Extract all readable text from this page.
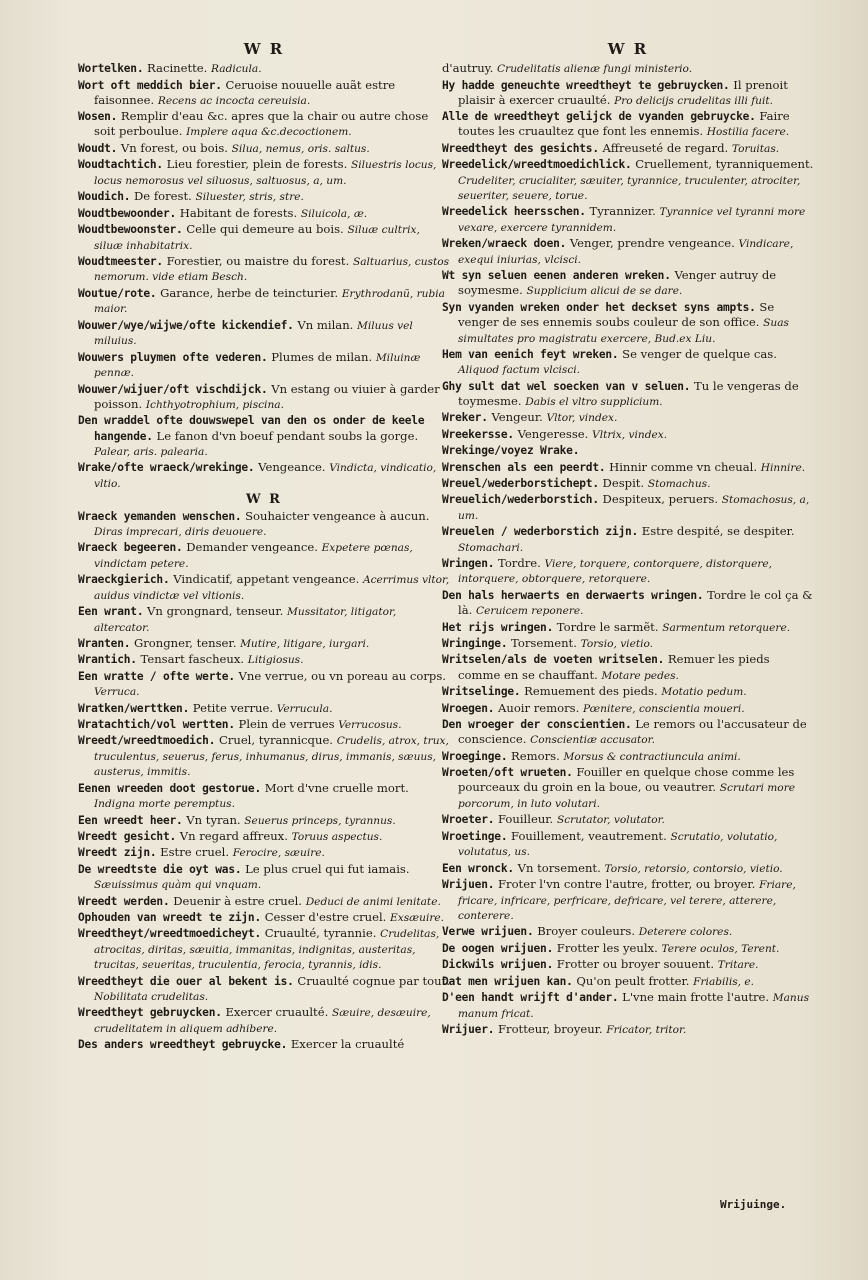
W R
Wortelken. Racinette. Radicula.
Wort oft meddich bier. Ceruoise nouuelle auãt estre faisonnee. Recens ac incocta cereuisia.
Wosen. Remplir d'eau &c. apres que la chair ou autre chose soit perboulue. Implere aqua &c.decoctionem.
Woudt. Vn forest, ou bois. Silua, nemus, oris. saltus.
Woudtachtich. Lieu forestier, plein de forests. Siluestris locus, locus nemorosus vel siluosus, saltuosus, a, um.
Woudich. De forest. Siluester, stris, stre.
Woudtbewoonder. Habitant de forests. Siluicola, æ.
Woudtbewoonster. Celle qui demeure au bois. Siluæ cultrix, siluæ inhabitatrix.
Woudtmeester. Forestier, ou maistre du forest. Saltuarius, custos nemorum. vide etiam Besch.
Woutue/rote. Garance, herbe de teincturier. Erythrodanũ, rubia maior.
Wouwer/wye/wijwe/ofte kickendief. Vn milan. Miluus vel miluius.
Wouwers pluymen ofte vederen. Plumes de milan. Miluinæ pennæ.
Wouwer/wijuer/oft vischdijck. Vn estang ou viuier à garder poisson. Ichthyotrophium, piscina.
Den wraddel ofte douwswepel van den os onder de keele hangende. Le fanon d'vn boeuf pendant soubs la gorge. Palear, aris. palearia.
Wrake/ofte wraeck/wrekinge. Vengeance. Vindicta, vindicatio, vltio.
W R
Wraeck yemanden wenschen. Souhaicter vengeance à aucun. Diras imprecari, diris deuouere.
Wraeck begeeren. Demander vengeance. Expetere pœnas, vindictam petere.
Wraeckgierich. Vindicatif, appetant vengeance. Acerrimus vltor, auidus vindictæ vel vltionis.
Een wrant. Vn grongnard, tenseur. Mussitator, litigator, altercator.
Wranten. Grongner, tenser. Mutire, litigare, iurgari.
Wrantich. Tensart fascheux. Litigiosus.
Een wratte / ofte werte. Vne verrue, ou vn poreau au corps. Verruca.
Wratken/werttken. Petite verrue. Verrucula.
Wratachtich/vol wertten. Plein de verrues Verrucosus.
Wreedt/wreedtmoedich. Cruel, tyrannicque. Crudelis, atrox, trux, truculentus, seuerus, ferus, inhumanus, dirus, immanis, sæuus, austerus, immitis.
Eenen wreeden doot gestorue. Mort d'vne cruelle mort. Indigna morte peremptus.
Een wreedt heer. Vn tyran. Seuerus princeps, tyrannus.
Wreedt gesicht. Vn regard affreux. Toruus aspectus.
Wreedt zijn. Estre cruel. Ferocire, sæuire.
De wreedtste die oyt was. Le plus cruel qui fut iamais. Sæuissimus quàm qui vnquam.
Wreedt werden. Deuenir à estre cruel. Deduci de animi lenitate.
Ophouden van wreedt te zijn. Cesser d'estre cruel. Exsæuire.
Wreedtheyt/wreedtmoedicheyt. Cruaulté, tyrannie. Crudelitas, atrocitas, diritas, sæuitia, immanitas, indignitas, austeritas, trucitas, seueritas, truculentia, ferocia, tyrannis, idis.
Wreedtheyt die ouer al bekent is. Cruaulté cognue par tout. Nobilitata crudelitas.
Wreedtheyt gebruycken. Exercer cruaulté. Sæuire, desæuire, crudelitatem in aliquem adhibere.
Des anders wreedtheyt gebruycke. Exercer la cruaulté
W R
d'autruy. Crudelitatis alienæ fungi ministerio.
Hy hadde geneuchte wreedtheyt te gebruycken. Il prenoit plaisir à exercer cruaulté. Pro delicijs crudelitas illi fuit.
Alle de wreedtheyt gelijck de vyanden gebruycke. Faire toutes les cruaultez que font les ennemis. Hostilia facere.
Wreedtheyt des gesichts. Affreuseté de regard. Toruitas.
Wreedelick/wreedtmoedichlick. Cruellement, tyranniquement. Crudeliter, crucialiter, sæuiter, tyrannice, truculenter, atrociter, seueriter, seuere, torue.
Wreedelick heersschen. Tyrannizer. Tyrannice vel tyranni more vexare, exercere tyrannidem.
Wreken/wraeck doen. Venger, prendre vengeance. Vindicare, exequi iniurias, vlcisci.
Wt syn seluen eenen anderen wreken. Venger autruy de soymesme. Supplicium alicui de se dare.
Syn vyanden wreken onder het deckset syns ampts. Se venger de ses ennemis soubs couleur de son office. Suas simultates pro magistratu exercere, Bud.ex Liu.
Hem van eenich feyt wreken. Se venger de quelque cas. Aliquod factum vlcisci.
Ghy sult dat wel soecken van v seluen. Tu le vengeras de toymesme. Dabis el vltro supplicium.
Wreker. Vengeur. Vltor, vindex.
Wreekersse. Vengeresse. Vltrix, vindex.
Wrekinge/voyez Wrake.
Wrenschen als een peerdt. Hinnir comme vn cheual. Hinnire.
Wreuel/wederborstichept. Despit. Stomachus.
Wreuelich/wederborstich. Despiteux, peruers. Stomachosus, a, um.
Wreuelen / wederborstich zijn. Estre despité, se despiter. Stomachari.
Wringen. Tordre. Viere, torquere, contorquere, distorquere, intorquere, obtorquere, retorquere.
Den hals herwaerts en derwaerts wringen. Tordre le col ça & là. Ceruicem reponere.
Het rijs wringen. Tordre le sarmẽt. Sarmentum retorquere.
Wringinge. Torsement. Torsio, vietio.
Writselen/als de voeten writselen. Remuer les pieds comme en se chauffant. Motare pedes.
Writselinge. Remuement des pieds. Motatio pedum.
Wroegen. Auoir remors. Pœnitere, conscientia moueri.
Den wroeger der conscientien. Le remors ou l'accusateur de conscience. Conscientiæ accusator.
Wroeginge. Remors. Morsus & contractiuncula animi.
Wroeten/oft wrueten. Fouiller en quelque chose comme les pourceaux du groin en la boue, ou veautrer. Scrutari more porcorum, in luto volutari.
Wroeter. Fouilleur. Scrutator, volutator.
Wroetinge. Fouillement, veautrement. Scrutatio, volutatio, volutatus, us.
Een wronck. Vn torsement. Torsio, retorsio, contorsio, vietio.
Wrijuen. Froter l'vn contre l'autre, frotter, ou broyer. Friare, fricare, infricare, perfricare, defricare, vel terere, atterere, conterere.
Verwe wrijuen. Broyer couleurs. Deterere colores.
De oogen wrijuen. Frotter les yeulx. Terere oculos, Terent.
Dickwils wrijuen. Frotter ou broyer souuent. Tritare.
Dat men wrijuen kan. Qu'on peult frotter. Friabilis, e.
D'een handt wrijft d'ander. L'vne main frotte l'autre. Manus manum fricat.
Wrijuer. Frotteur, broyeur. Fricator, tritor.
Wrijuinge.
